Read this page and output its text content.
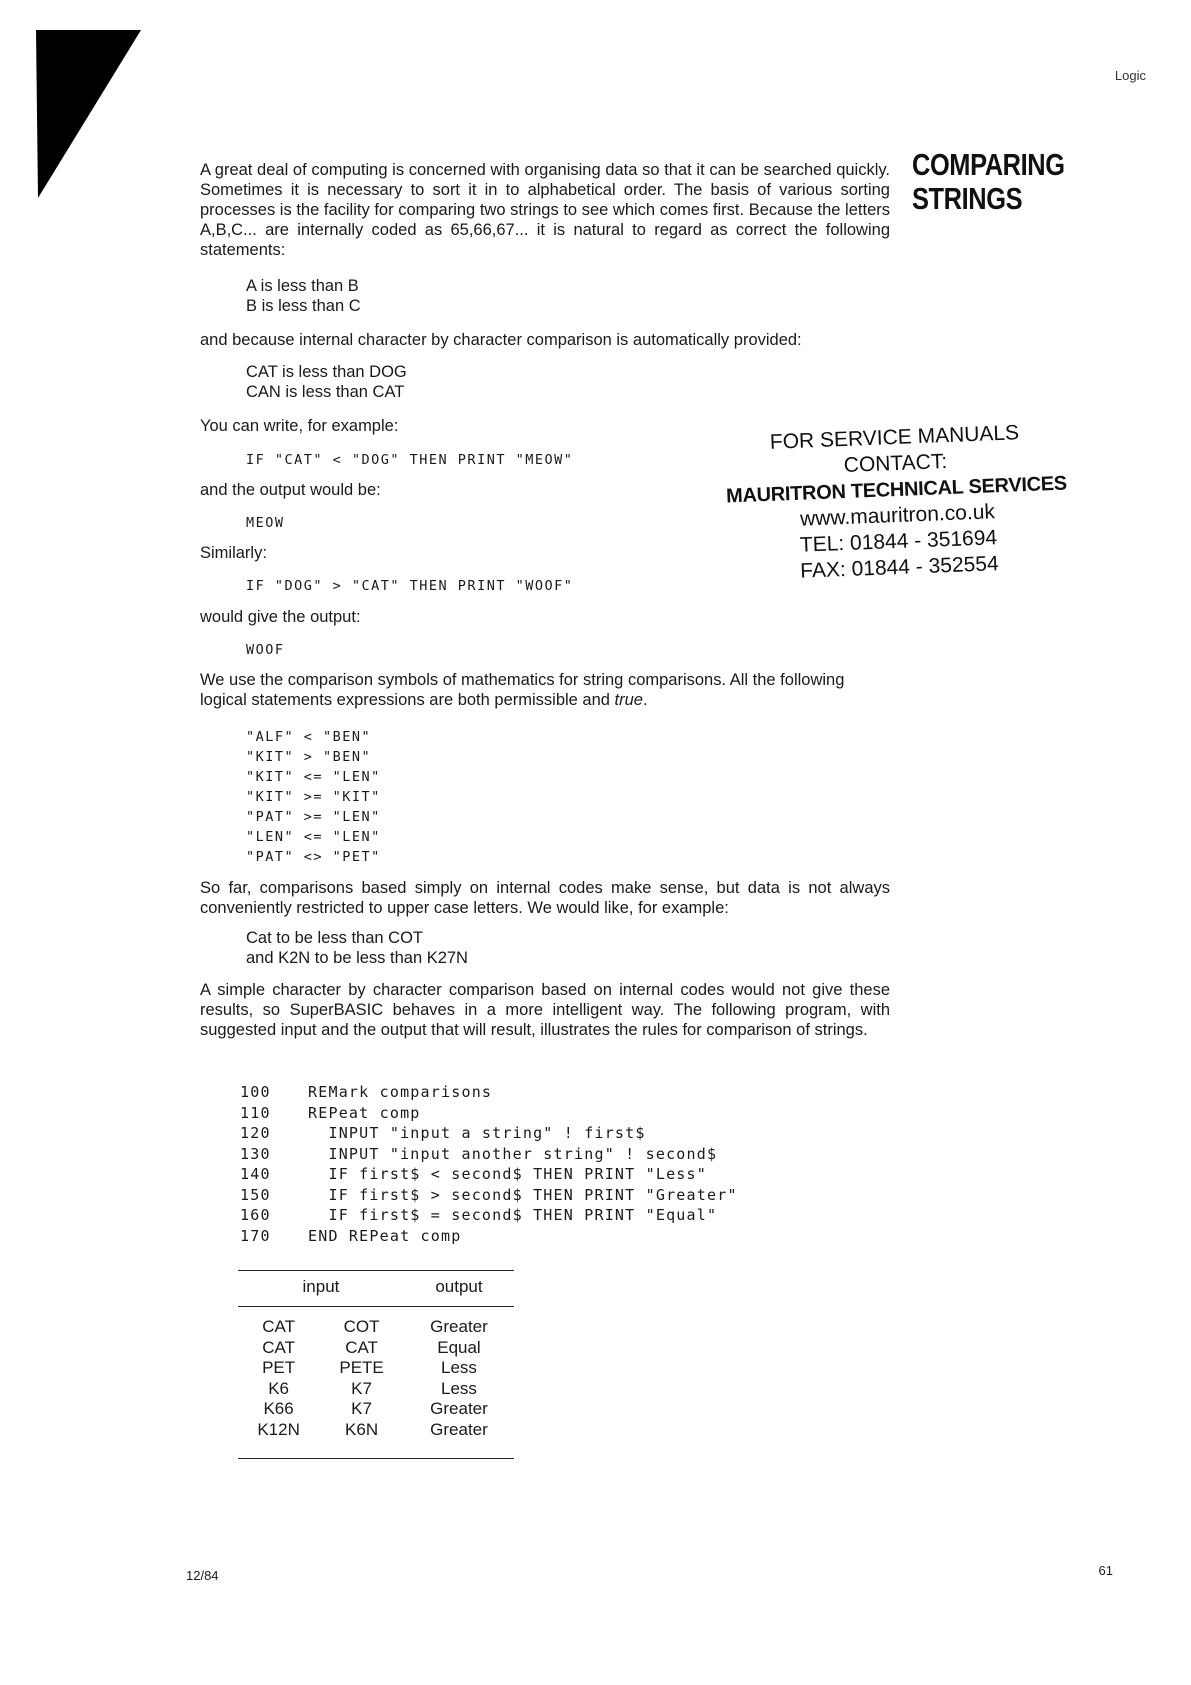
Logic
COMPARING
STRINGS
A great deal of computing is concerned with organising data so that it can be searched quickly. Sometimes it is necessary to sort it in to alphabetical order. The basis of various sorting processes is the facility for comparing two strings to see which comes first. Because the letters A,B,C... are internally coded as 65,66,67... it is natural to regard as correct the following statements:
A is less than B
B is less than C
and because internal character by character comparison is automatically provided:
CAT is less than DOG
CAN is less than CAT
You can write, for example:
IF "CAT" < "DOG" THEN PRINT "MEOW"
and the output would be:
MEOW
Similarly:
IF "DOG" > "CAT" THEN PRINT "WOOF"
would give the output:
WOOF
We use the comparison symbols of mathematics for string comparisons. All the following logical statements expressions are both permissible and true.
"ALF" < "BEN"
"KIT" > "BEN"
"KIT" <= "LEN"
"KIT" >= "KIT"
"PAT" >= "LEN"
"LEN" <= "LEN"
"PAT" <> "PET"
So far, comparisons based simply on internal codes make sense, but data is not always conveniently restricted to upper case letters. We would like, for example:
Cat to be less than COT
and K2N to be less than K27N
A simple character by character comparison based on internal codes would not give these results, so SuperBASIC behaves in a more intelligent way. The following program, with suggested input and the output that will result, illustrates the rules for comparison of strings.
100 REMark comparisons
110 REPeat comp
120  INPUT "input a string" ! first$
130  INPUT "input another string" ! second$
140  IF first$ < second$ THEN PRINT "Less"
150  IF first$ > second$ THEN PRINT "Greater"
160  IF first$ = second$ THEN PRINT "Equal"
170 END REPeat comp
input		output

CAT	COT	Greater
CAT	CAT	Equal
PET	PETE	Less
K6	K7	Less
K66	K7	Greater
K12N	K6N	Greater
FOR SERVICE MANUALS
CONTACT:
MAURITRON TECHNICAL SERVICES
www.mauritron.co.uk
TEL: 01844 - 351694
FAX: 01844 - 352554
12/84	61
